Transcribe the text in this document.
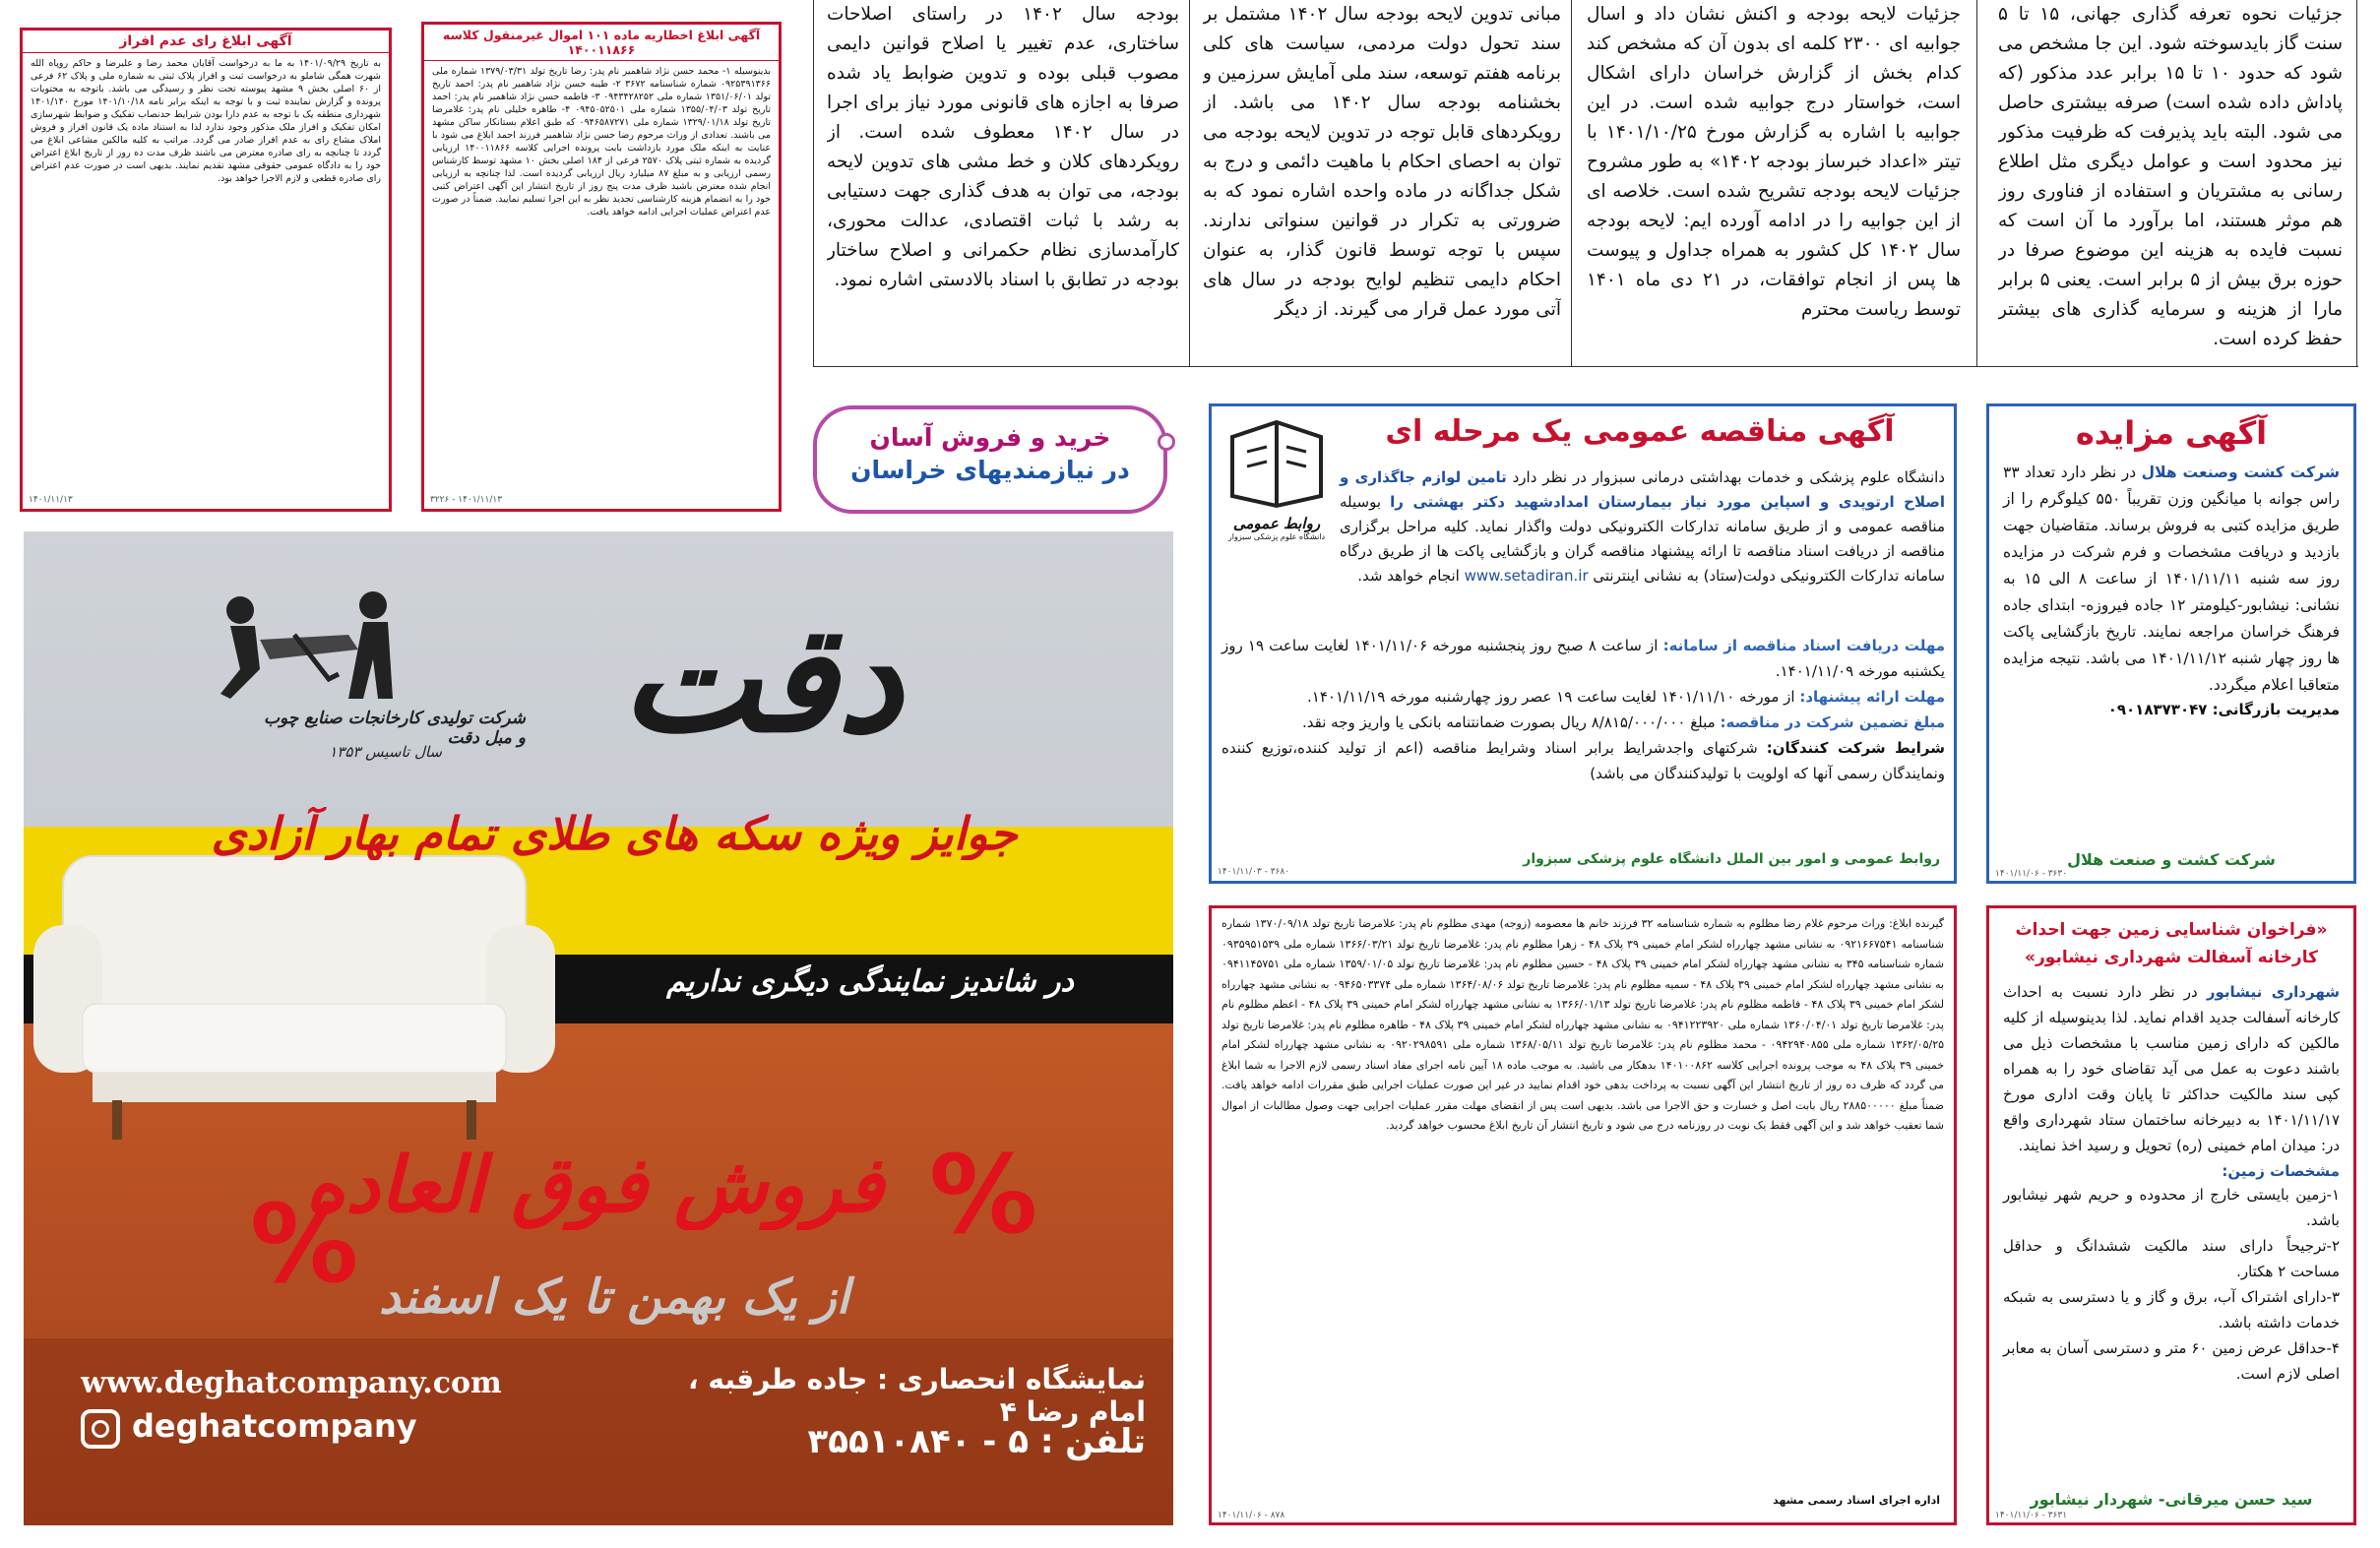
جزئیات نحوه تعرفه گذاری جهانی، ۱۵ تا ۵ سنت گاز بایدسوخته شود. این جا مشخص می شود که حدود ۱۰ تا ۱۵ برابر عدد مذکور (که پاداش داده شده است) صرفه بیشتری حاصل می شود. البته باید پذیرفت که ظرفیت مذکور نیز محدود است و عوامل دیگری مثل اطلاع رسانی به مشتریان و استفاده از فناوری روز هم موثر هستند، اما برآورد ما آن است که نسبت فایده به هزینه این موضوع صرفا در حوزه برق بیش از ۵ برابر است. یعنی ۵ برابر مارا از هزینه و سرمایه گذاری های بیشتر حفظ کرده است.
جزئیات لایحه بودجه و اکنش نشان داد و اسال جوابیه ای ۲۳۰۰ کلمه ای بدون آن که مشخص کند کدام بخش از گزارش خراسان دارای اشکال است، خواستار درج جوابیه شده است. در این جوابیه با اشاره به گزارش مورخ ۱۴۰۱/۱۰/۲۵ با تیتر «اعداد خبرساز بودجه ۱۴۰۲» به طور مشروح جزئیات لایحه بودجه تشریح شده است. خلاصه ای از این جوابیه را در ادامه آورده ایم: لایحه بودجه سال ۱۴۰۲ کل کشور به همراه جداول و پیوست ها پس از انجام توافقات، در ۲۱ دی ماه ۱۴۰۱ توسط ریاست محترم
مبانی تدوین لایحه بودجه سال ۱۴۰۲ مشتمل بر سند تحول دولت مردمی، سیاست های کلی برنامه هفتم توسعه، سند ملی آمایش سرزمین و بخشنامه بودجه سال ۱۴۰۲ می باشد. از رویکردهای قابل توجه در تدوین لایحه بودجه می توان به احصای احکام با ماهیت دائمی و درج به شکل جداگانه در ماده واحده اشاره نمود که به ضرورتی به تکرار در قوانین سنواتی ندارند. سپس با توجه توسط قانون گذار، به عنوان احکام دایمی تنظیم لوایح بودجه در سال های آتی مورد عمل قرار می گیرند. از دیگر
بودجه سال ۱۴۰۲ در راستای اصلاحات ساختاری، عدم تغییر یا اصلاح قوانین دایمی مصوب قبلی بوده و تدوین ضوابط یاد شده صرفا به اجازه های قانونی مورد نیاز برای اجرا در سال ۱۴۰۲ معطوف شده است. از رویکردهای کلان و خط مشی های تدوین لایحه بودجه، می توان به هدف گذاری جهت دستیابی به رشد با ثبات اقتصادی، عدالت محوری، کارآمدسازی نظام حکمرانی و اصلاح ساختار بودجه در تطابق با اسناد بالادستی اشاره نمود.
آگهی ابلاغ رای عدم افراز
به تاریخ ۱۴۰۱/۰۹/۲۹ به ما به درخواست آقایان محمد رضا و علیرضا و حاکم روپاه الله شهرت همگی شاملو به درخواست ثبت و افراز پلاک ثبتی به شماره ملی و پلاک ۶۲ فرعی از ۶۰ اصلی بخش ۹ مشهد پیوسته تحت نظر و رسیدگی می باشد. باتوجه به محتویات پرونده و گزارش نماینده ثبت و با توجه به اینکه برابر نامه ۱۴۰۱/۱۰/۱۸ مورخ ۱۴۰۱/۱۴۰ شهرداری منطقه یک با توجه به عدم دارا بودن شرایط حدنصاب تفکیک و ضوابط شهرسازی امکان تفکیک و افراز ملک مذکور وجود ندارد لذا به استناد ماده یک قانون افراز و فروش املاک مشاع رای به عدم افراز صادر می گردد. مراتب به کلیه مالکین مشاعی ابلاغ می گردد تا چنانچه به رای صادره معترض می باشند ظرف مدت ده روز از تاریخ ابلاغ اعتراض خود را به دادگاه عمومی حقوقی مشهد تقدیم نمایند. بدیهی است در صورت عدم اعتراض رای صادره قطعی و لازم الاجرا خواهد بود.
۱۴۰۱/۱۱/۱۳
آگهی ابلاغ اخطاریه ماده ۱۰۱ اموال غیرمنقول کلاسه ۱۴۰۰۱۱۸۶۶
بدینوسیله ۱- محمد حسن نژاد شاهمیر نام پدر: رضا تاریخ تولد ۱۳۷۹/۰۳/۳۱ شماره ملی ۰۹۲۵۳۹۱۳۶۶ شماره شناسنامه ۳۶۷۲ ۲- طیبه حسن نژاد شاهمیر نام پدر: احمد تاریخ تولد ۱۳۵۱/۰۶/۰۱ شماره ملی ۰۹۴۳۴۲۸۲۵۲ ۳- فاطمه حسن نژاد شاهمیر نام پدر: احمد تاریخ تولد ۱۳۵۵/۰۴/۰۳ شماره ملی ۰۹۴۵۰۵۲۵۰۱ ۴- طاهره خلیلی نام پدر: غلامرضا تاریخ تولد ۱۳۲۹/۰۱/۱۸ شماره ملی ۰۹۴۶۵۸۷۲۷۱ که طبق اعلام بستانکار ساکن مشهد می باشند. تعدادی از وراث مرحوم رضا حسن نژاد شاهمیر فرزند احمد ابلاغ می شود با عنایت به اینکه ملک مورد بازداشت بابت پرونده اجرایی کلاسه ۱۴۰۰۱۱۸۶۶ ارزیابی گردیده به شماره ثبتی پلاک ۲۵۷۰ فرعی از ۱۸۴ اصلی بخش ۱۰ مشهد توسط کارشناس رسمی ارزیابی و به مبلغ ۸۷ میلیارد ریال ارزیابی گردیده است. لذا چنانچه به ارزیابی انجام شده معترض باشید ظرف مدت پنج روز از تاریخ انتشار این آگهی اعتراض کتبی خود را به انضمام هزینه کارشناسی تجدید نظر به این اجرا تسلیم نمایید. ضمناً در صورت عدم اعتراض عملیات اجرایی ادامه خواهد یافت.
۳۲۲۶ - ۱۴۰۱/۱۱/۱۳
خرید و فروش آسان
در نیازمندیهای خراسان
دقت
شرکت تولیدی کارخانجات صنایع چوب و مبل دقت
سال تاسیس ۱۳۵۳
جوایز ویژه سکه های طلای تمام بهار آزادی
در شاندیز نمایندگی دیگری نداریم
فروش فوق العاده %
% از یک بهمن تا یک اسفند
www.deghatcompany.com
deghatcompany
نمایشگاه انحصاری : جاده طرقبه ، امام رضا ۴
تلفن : ۵ - ۳۵۵۱۰۸۴۰
روابط عمومی
دانشگاه علوم پزشکی سبزوار
آگهی مناقصه عمومی یک مرحله ای
دانشگاه علوم پزشکی و خدمات بهداشتی درمانی سبزوار در نظر دارد تامین لوازم جاگذاری و اصلاح ارتوپدی و اسپاین مورد نیاز بیمارستان امدادشهید دکتر بهشتی را بوسیله مناقصه عمومی و از طریق سامانه تدارکات الکترونیکی دولت واگذار نماید. کلیه مراحل برگزاری مناقصه از دریافت اسناد مناقصه تا ارائه پیشنهاد مناقصه گران و بازگشایی پاکت ها از طریق درگاه سامانه تدارکات الکترونیکی دولت(ستاد) به نشانی اینترنتی www.setadiran.ir انجام خواهد شد.
مهلت دریافت اسناد مناقصه از سامانه: از ساعت ۸ صبح روز پنجشنبه مورخه ۱۴۰۱/۱۱/۰۶ لغایت ساعت ۱۹ روز یکشنبه مورخه ۱۴۰۱/۱۱/۰۹.
مهلت ارائه پیشنهاد: از مورخه ۱۴۰۱/۱۱/۱۰ لغایت ساعت ۱۹ عصر روز چهارشنبه مورخه ۱۴۰۱/۱۱/۱۹.
مبلغ تضمین شرکت در مناقصه: مبلغ ۸/۸۱۵/۰۰۰/۰۰۰ ریال بصورت ضمانتنامه بانکی یا واریز وجه نقد.
شرایط شرکت کنندگان: شرکتهای واجدشرایط برابر اسناد وشرایط مناقصه (اعم از تولید کننده،توزیع کننده ونمایندگان رسمی آنها که اولویت با تولیدکنندگان می باشد)
روابط عمومی و امور بین الملل دانشگاه علوم پزشکی سبزوار
۱۴۰۱/۱۱/۰۳ - ۳۶۸۰
آگهی مزایده
شرکت کشت وصنعت هلال در نظر دارد تعداد ۳۳ راس جوانه با میانگین وزن تقریباً ۵۵۰ کیلوگرم را از طریق مزایده کتبی به فروش برساند. متقاضیان جهت بازدید و دریافت مشخصات و فرم شرکت در مزایده روز سه شنبه ۱۴۰۱/۱۱/۱۱ از ساعت ۸ الی ۱۵ به نشانی: نیشابور-کیلومتر ۱۲ جاده فیروزه- ابتدای جاده فرهنگ خراسان مراجعه نمایند. تاریخ بازگشایی پاکت ها روز چهار شنبه ۱۴۰۱/۱۱/۱۲ می باشد. نتیجه مزایده متعاقبا اعلام میگردد.
مدیریت بازرگانی: ۰۹۰۱۸۳۷۳۰۴۷
شرکت کشت و صنعت هلال
۱۴۰۱/۱۱/۰۶ - ۳۶۳۰
گیرنده ابلاغ: وراث مرحوم غلام رضا مظلوم به شماره شناسنامه ۳۲ فرزند خانم ها معصومه (زوجه) مهدی مظلوم نام پدر: غلامرضا تاریخ تولد ۱۳۷۰/۰۹/۱۸ شماره شناسنامه ۰۹۲۱۶۶۷۵۴۱ به نشانی مشهد چهارراه لشکر امام خمینی ۳۹ پلاک ۴۸ - زهرا مظلوم نام پدر: غلامرضا تاریخ تولد ۱۳۶۶/۰۳/۲۱ شماره ملی ۰۹۳۵۹۵۱۵۳۹ شماره شناسنامه ۳۴۵ به نشانی مشهد چهارراه لشکر امام خمینی ۳۹ پلاک ۴۸ - حسین مظلوم نام پدر: غلامرضا تاریخ تولد ۱۳۵۹/۰۱/۰۵ شماره ملی ۰۹۴۱۱۴۵۷۵۱ به نشانی مشهد چهارراه لشکر امام خمینی ۳۹ پلاک ۴۸ - سمیه مظلوم نام پدر: غلامرضا تاریخ تولد ۱۳۶۴/۰۸/۰۶ شماره ملی ۰۹۴۶۵۰۳۳۷۴ به نشانی مشهد چهارراه لشکر امام خمینی ۳۹ پلاک ۴۸ - فاطمه مظلوم نام پدر: غلامرضا تاریخ تولد ۱۳۶۶/۰۱/۱۳ به نشانی مشهد چهارراه لشکر امام خمینی ۳۹ پلاک ۴۸ - اعظم مظلوم نام پدر: غلامرضا تاریخ تولد ۱۳۶۰/۰۴/۰۱ شماره ملی ۰۹۴۱۲۲۳۹۲۰ به نشانی مشهد چهارراه لشکر امام خمینی ۳۹ پلاک ۴۸ - طاهره مظلوم نام پدر: غلامرضا تاریخ تولد ۱۳۶۲/۰۵/۲۵ شماره ملی ۰۹۴۲۹۴۰۸۵۵ - محمد مظلوم نام پدر: غلامرضا تاریخ تولد ۱۳۶۸/۰۵/۱۱ شماره ملی ۰۹۲۰۲۹۸۵۹۱ به نشانی مشهد چهارراه لشکر امام خمینی ۳۹ پلاک ۴۸ به موجب پرونده اجرایی کلاسه ۱۴۰۱۰۰۸۶۲ بدهکار می باشید. به موجب ماده ۱۸ آیین نامه اجرای مفاد اسناد رسمی لازم الاجرا به شما ابلاغ می گردد که ظرف ده روز از تاریخ انتشار این آگهی نسبت به پرداخت بدهی خود اقدام نمایید در غیر این صورت عملیات اجرایی طبق مقررات ادامه خواهد یافت. ضمناً مبلغ ۲۸۸۵۰۰۰۰۰ ریال بابت اصل و خسارت و حق الاجرا می باشد. بدیهی است پس از انقضای مهلت مقرر عملیات اجرایی جهت وصول مطالبات از اموال شما تعقیب خواهد شد و این آگهی فقط یک نوبت در روزنامه درج می شود و تاریخ انتشار آن تاریخ ابلاغ محسوب خواهد گردید.
اداره اجرای اسناد رسمی مشهد
۱۴۰۱/۱۱/۰۶ - ۸۷۸
«فراخوان شناسایی زمین جهت احداث کارخانه آسفالت شهرداری نیشابور»
شهرداری نیشابور در نظر دارد نسبت به احداث کارخانه آسفالت جدید اقدام نماید. لذا بدینوسیله از کلیه مالکین که دارای زمین مناسب با مشخصات ذیل می باشند دعوت به عمل می آید تقاضای خود را به همراه کپی سند مالکیت حداکثر تا پایان وقت اداری مورخ ۱۴۰۱/۱۱/۱۷ به دبیرخانه ساختمان ستاد شهرداری واقع در: میدان امام خمینی (ره) تحویل و رسید اخذ نمایند.
مشخصات زمین:
۱-زمین بایستی خارج از محدوده و حریم شهر نیشابور باشد.
۲-ترجیحاً دارای سند مالکیت ششدانگ و حداقل مساحت ۲ هکتار.
۳-دارای اشتراک آب، برق و گاز و یا دسترسی به شبکه خدمات داشته باشد.
۴-حداقل عرض زمین ۶۰ متر و دسترسی آسان به معابر اصلی لازم است.
سید حسن میرقانی- شهردار نیشابور
۱۴۰۱/۱۱/۰۶ - ۳۶۳۱
